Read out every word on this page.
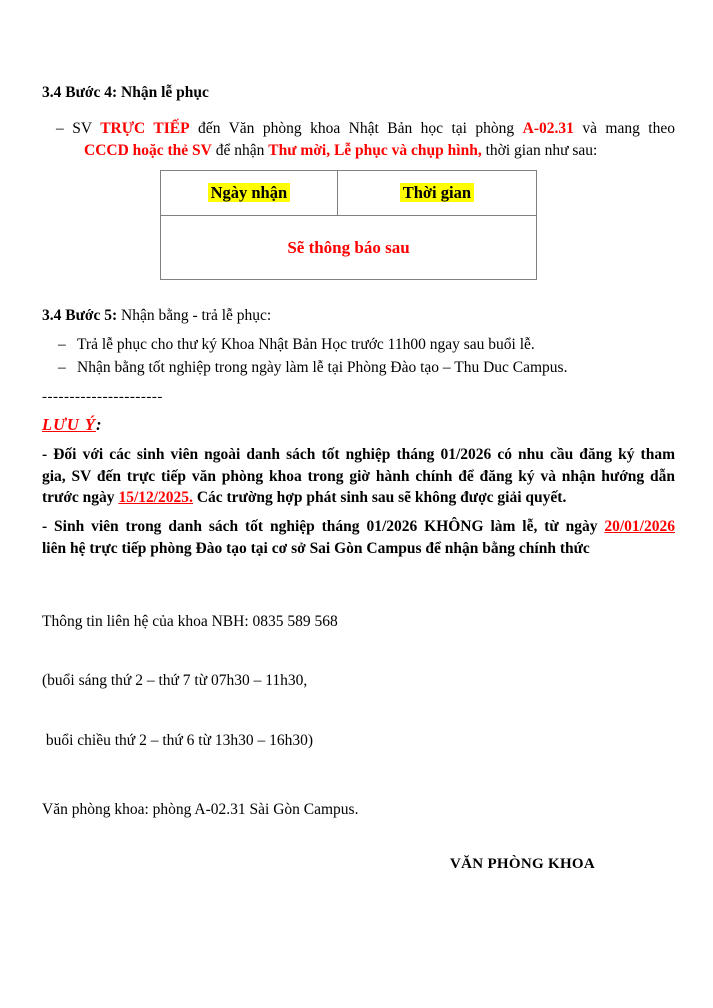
3.4 Bước 4: Nhận lễ phục
– SV TRỰC TIẾP đến Văn phòng khoa Nhật Bản học tại phòng A-02.31 và mang theo
CCCD hoặc thẻ SV để nhận Thư mời, Lễ phục và chụp hình, thời gian như sau:
Ngày nhận	Thời gian
Sẽ thông báo sau
3.4 Bước 5: Nhận bằng - trả lễ phục:
– Trả lễ phục cho thư ký Khoa Nhật Bản Học trước 11h00 ngay sau buổi lễ.
– Nhận bằng tốt nghiệp trong ngày làm lễ tại Phòng Đào tạo – Thu Duc Campus.
----------------------
LƯU Ý:
- Đối với các sinh viên ngoài danh sách tốt nghiệp tháng 01/2026 có nhu cầu đăng ký tham
gia, SV đến trực tiếp văn phòng khoa trong giờ hành chính để đăng ký và nhận hướng dẫn
trước ngày 15/12/2025. Các trường hợp phát sinh sau sẽ không được giải quyết.
- Sinh viên trong danh sách tốt nghiệp tháng 01/2026 KHÔNG làm lễ, từ ngày 20/01/2026
liên hệ trực tiếp phòng Đào tạo tại cơ sở Sai Gòn Campus để nhận bằng chính thức

Thông tin liên hệ của khoa NBH: 0835 589 568

(buổi sáng thứ 2 – thứ 7 từ 07h30 – 11h30,

buổi chiều thứ 2 – thứ 6 từ 13h30 – 16h30)

Văn phòng khoa: phòng A-02.31 Sài Gòn Campus.
VĂN PHÒNG KHOA
